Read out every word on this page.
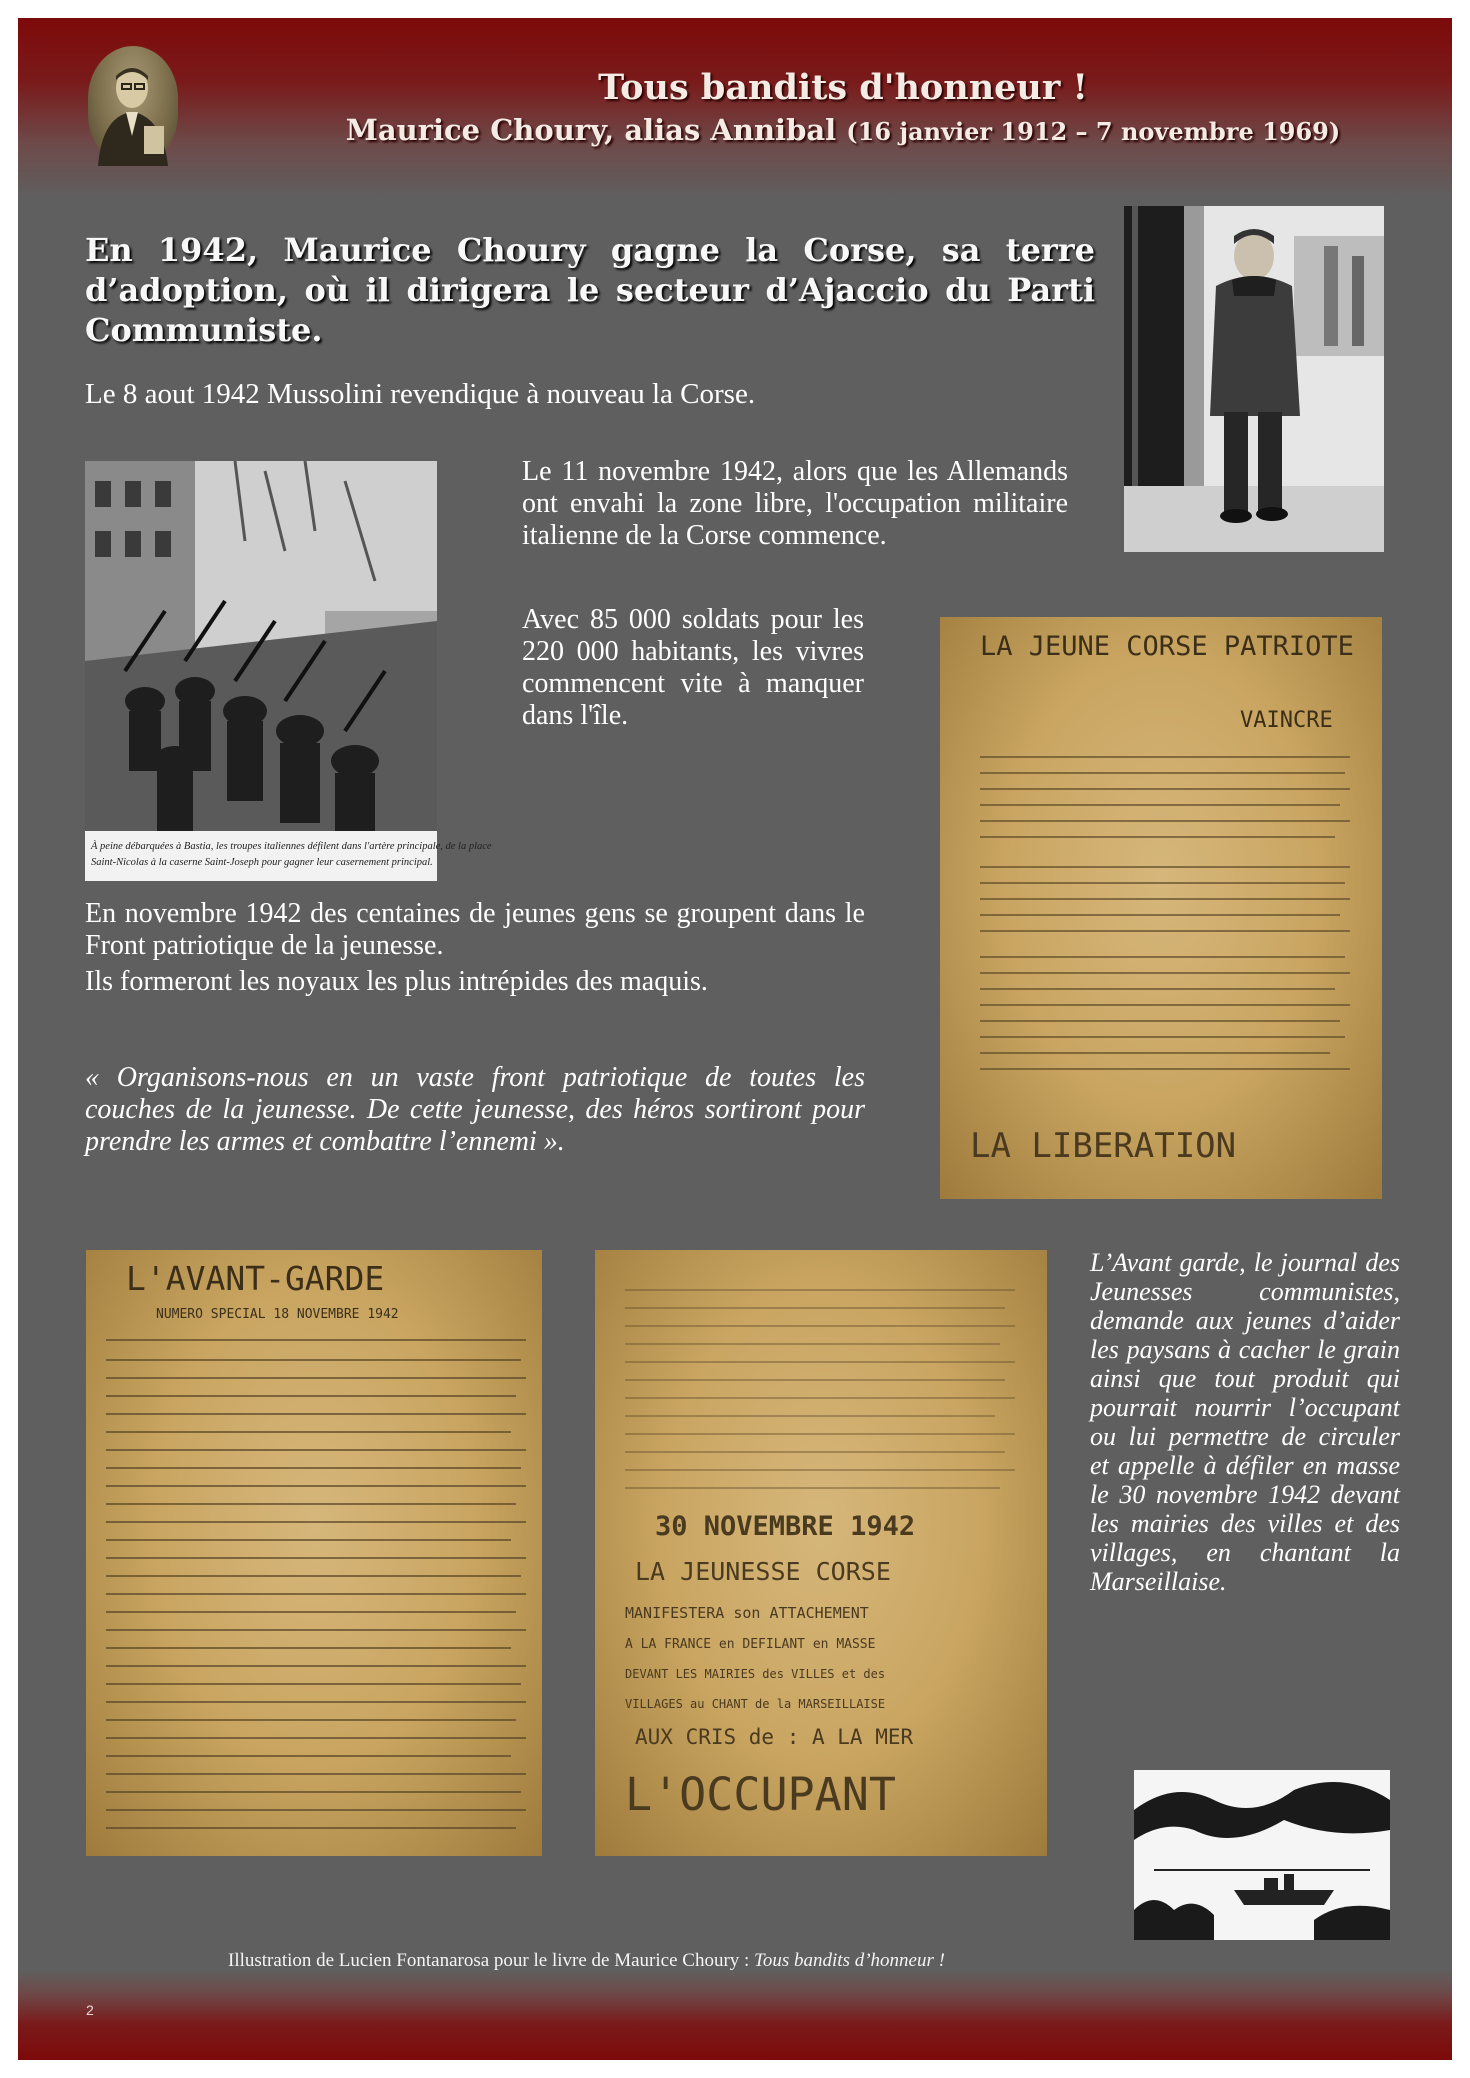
Tous bandits d'honneur !
Maurice Choury, alias Annibal (16 janvier 1912 – 7 novembre 1969)
En 1942, Maurice Choury gagne la Corse, sa terre d’adoption, où il dirigera le secteur d’Ajaccio du Parti Communiste.
Le 8 aout 1942 Mussolini revendique à nouveau la Corse.
À peine débarquées à Bastia, les troupes italiennes défilent dans l'artère principale, de la place
Saint-Nicolas à la caserne Saint-Joseph pour gagner leur casernement principal.
Le 11 novembre 1942, alors que les Allemands ont envahi la zone libre, l'occupation militaire italienne de la Corse commence.
Avec 85 000 soldats pour les 220 000 habitants, les vivres commencent vite à manquer dans l'île.
LA JEUNE CORSE PATRIOTE
VAINCRE
LA LIBERATION
En novembre 1942 des centaines de jeunes gens se groupent dans le Front patriotique de la jeunesse.
Ils formeront les noyaux les plus intrépides des maquis.
« Organisons-nous en un vaste front patriotique de toutes les couches de la jeunesse. De cette jeunesse, des héros sortiront pour prendre les armes et combattre l’ennemi ».
L'AVANT-GARDE
NUMERO SPECIAL 18 NOVEMBRE 1942
30 NOVEMBRE 1942
LA JEUNESSE CORSE
MANIFESTERA son ATTACHEMENT
A LA FRANCE en DEFILANT en MASSE
DEVANT LES MAIRIES des VILLES et des
VILLAGES au CHANT de la MARSEILLAISE
AUX CRIS de : A LA MER
L'OCCUPANT
L’Avant garde, le journal des Jeunesses communistes, demande aux jeunes d’aider les paysans à cacher le grain ainsi que tout produit qui pourrait nourrir l’occupant ou lui permettre de circuler et appelle à défiler en masse le 30 novembre 1942 devant les mairies des villes et des villages, en chantant la Marseillaise.
Illustration de Lucien Fontanarosa pour le livre de Maurice Choury : Tous bandits d’honneur !
2
